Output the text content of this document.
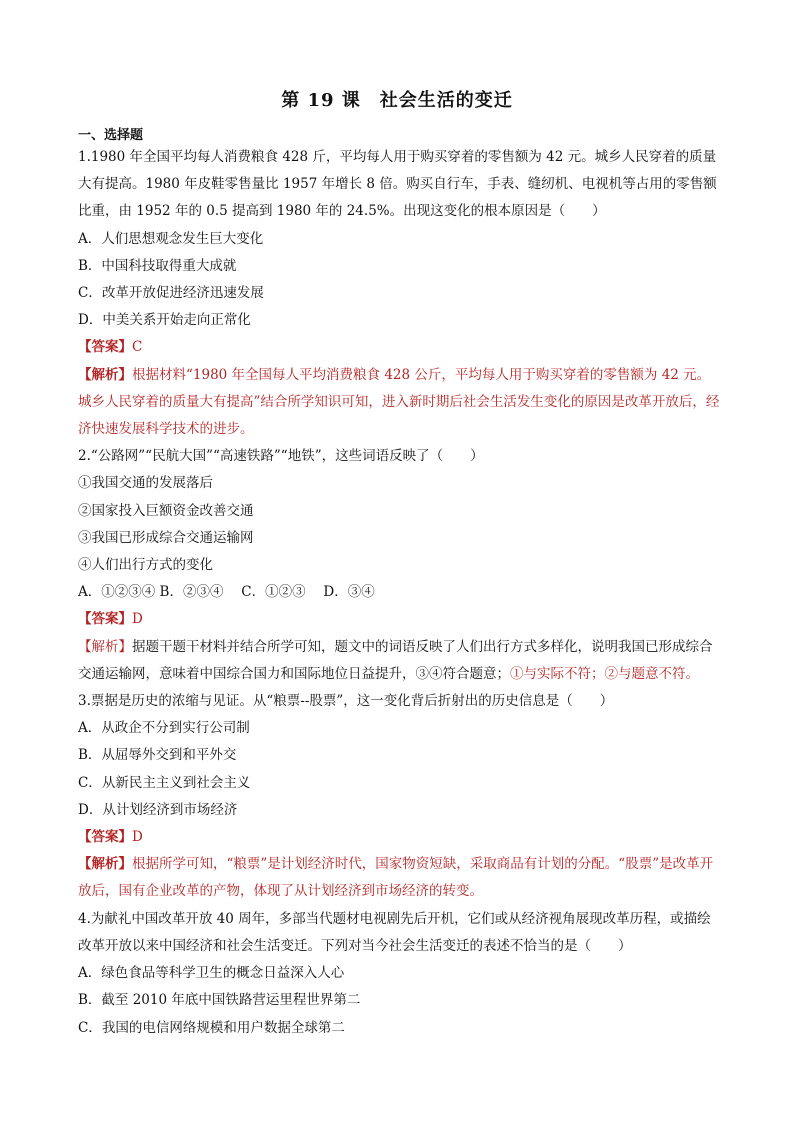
第 19 课　社会生活的变迁
一、选择题

1.1980 年全国平均每人消费粮食 428 斤，平均每人用于购买穿着的零售额为 42 元。城乡人民穿着的质量大有提高。1980 年皮鞋零售量比 1957 年增长 8 倍。购买自行车，手表、缝纫机、电视机等占用的零售额比重，由 1952 年的 0.5 提高到 1980 年的 24.5%。出现这变化的根本原因是（　　）

A．人们思想观念发生巨大变化

B．中国科技取得重大成就

C．改革开放促进经济迅速发展

D．中美关系开始走向正常化

【答案】C

【解析】根据材料“1980 年全国每人平均消费粮食 428 公斤，平均每人用于购买穿着的零售额为 42 元。城乡人民穿着的质量大有提高”结合所学知识可知，进入新时期后社会生活发生变化的原因是改革开放后，经济快速发展科学技术的进步。

2.“公路网”“民航大国”“高速铁路”“地铁”，这些词语反映了（　　）

①我国交通的发展落后

②国家投入巨额资金改善交通

③我国已形成综合交通运输网

④人们出行方式的变化

A．①②③④ B．②③④　 C．①②③　 D．③④

【答案】D

【解析】据题干题干材料并结合所学可知，题文中的词语反映了人们出行方式多样化，说明我国已形成综合交通运输网，意味着中国综合国力和国际地位日益提升，③④符合题意；①与实际不符；②与题意不符。

3.票据是历史的浓缩与见证。从“粮票--股票”，这一变化背后折射出的历史信息是（　　）

A．从政企不分到实行公司制

B．从屈辱外交到和平外交

C．从新民主主义到社会主义

D．从计划经济到市场经济

【答案】D

【解析】根据所学可知，“粮票”是计划经济时代，国家物资短缺，采取商品有计划的分配。“股票”是改革开放后，国有企业改革的产物，体现了从计划经济到市场经济的转变。

4.为献礼中国改革开放 40 周年，多部当代题材电视剧先后开机，它们或从经济视角展现改革历程，或描绘改革开放以来中国经济和社会生活变迁。下列对当今社会生活变迁的表述不恰当的是（　　）

A．绿色食品等科学卫生的概念日益深入人心

B．截至 2010 年底中国铁路营运里程世界第二

C．我国的电信网络规模和用户数据全球第二
